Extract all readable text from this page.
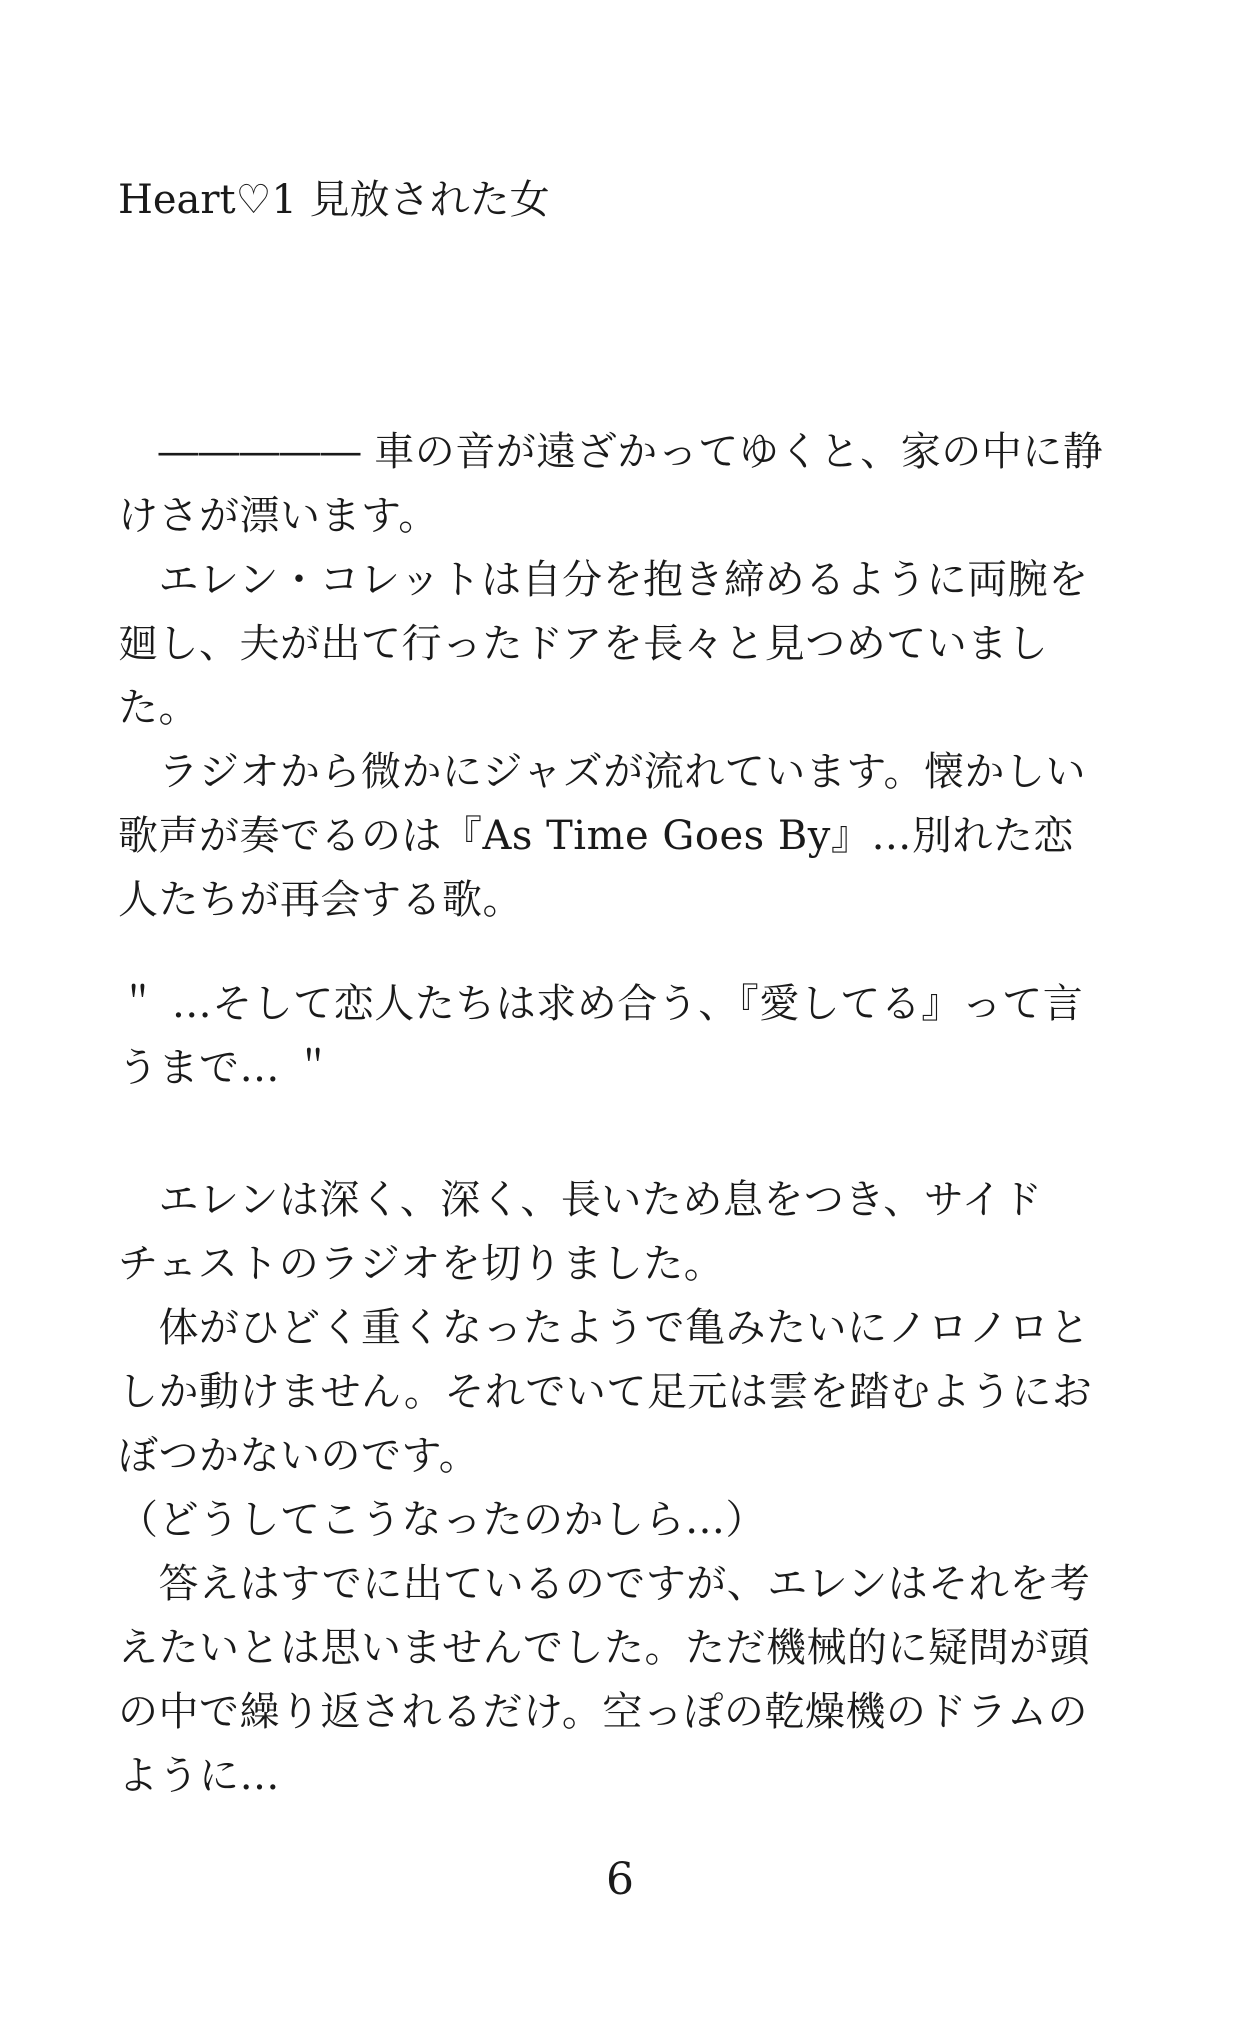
Heart♡1 見放された女
　――――― 車の音が遠ざかってゆくと、家の中に静
けさが漂います。
　エレン・コレットは自分を抱き締めるように両腕を
廻し、夫が出て行ったドアを長々と見つめていまし
た。
　ラジオから微かにジャズが流れています。懐かしい
歌声が奏でるのは『As Time Goes By』…別れた恋
人たちが再会する歌。
＂ …そして恋人たちは求め合う、『愛してる』って言
うまで… ＂
　エレンは深く、深く、長いため息をつき、サイド
チェストのラジオを切りました。
　体がひどく重くなったようで亀みたいにノロノロと
しか動けません。それでいて足元は雲を踏むようにお
ぼつかないのです。
（どうしてこうなったのかしら…）
　答えはすでに出ているのですが、エレンはそれを考
えたいとは思いませんでした。ただ機械的に疑問が頭
の中で繰り返されるだけ。空っぽの乾燥機のドラムの
ように…
6
